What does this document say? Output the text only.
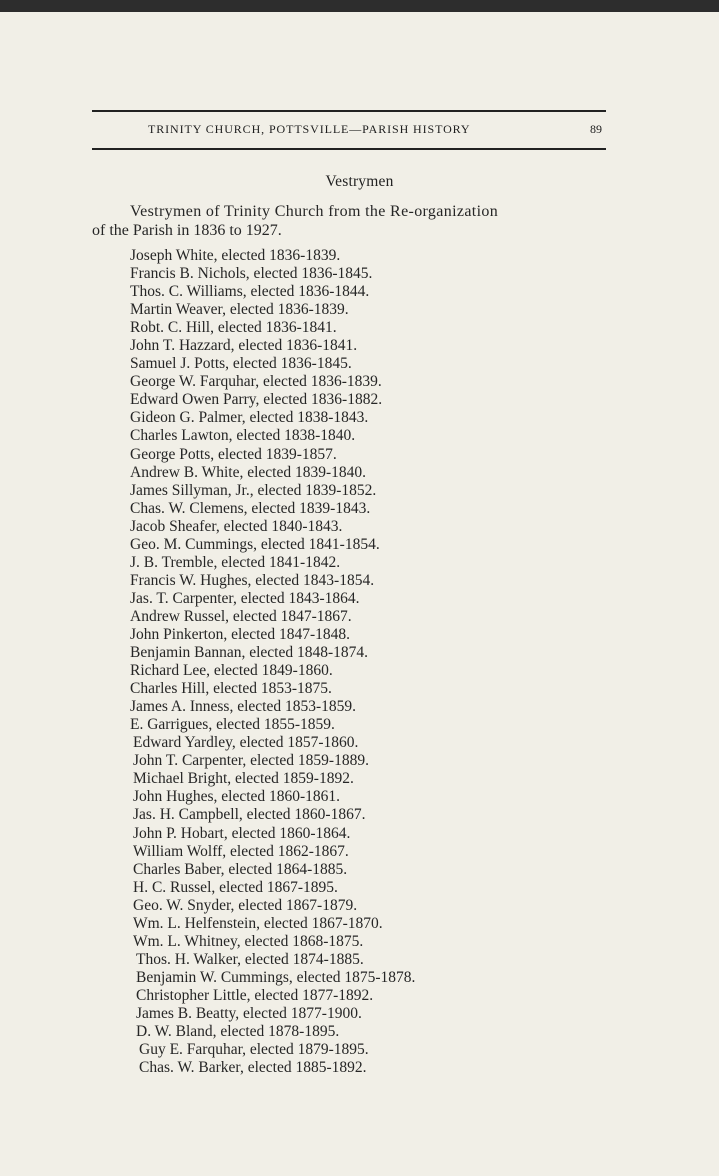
TRINITY CHURCH, POTTSVILLE—PARISH HISTORY	89
Vestrymen
Vestrymen of Trinity Church from the Re-organization
of the Parish in 1836 to 1927.
Joseph White, elected 1836-1839.
Francis B. Nichols, elected 1836-1845.
Thos. C. Williams, elected 1836-1844.
Martin Weaver, elected 1836-1839.
Robt. C. Hill, elected 1836-1841.
John T. Hazzard, elected 1836-1841.
Samuel J. Potts, elected 1836-1845.
George W. Farquhar, elected 1836-1839.
Edward Owen Parry, elected 1836-1882.
Gideon G. Palmer, elected 1838-1843.
Charles Lawton, elected 1838-1840.
George Potts, elected 1839-1857.
Andrew B. White, elected 1839-1840.
James Sillyman, Jr., elected 1839-1852.
Chas. W. Clemens, elected 1839-1843.
Jacob Sheafer, elected 1840-1843.
Geo. M. Cummings, elected 1841-1854.
J. B. Tremble, elected 1841-1842.
Francis W. Hughes, elected 1843-1854.
Jas. T. Carpenter, elected 1843-1864.
Andrew Russel, elected 1847-1867.
John Pinkerton, elected 1847-1848.
Benjamin Bannan, elected 1848-1874.
Richard Lee, elected 1849-1860.
Charles Hill, elected 1853-1875.
James A. Inness, elected 1853-1859.
E. Garrigues, elected 1855-1859.
Edward Yardley, elected 1857-1860.
John T. Carpenter, elected 1859-1889.
Michael Bright, elected 1859-1892.
John Hughes, elected 1860-1861.
Jas. H. Campbell, elected 1860-1867.
John P. Hobart, elected 1860-1864.
William Wolff, elected 1862-1867.
Charles Baber, elected 1864-1885.
H. C. Russel, elected 1867-1895.
Geo. W. Snyder, elected 1867-1879.
Wm. L. Helfenstein, elected 1867-1870.
Wm. L. Whitney, elected 1868-1875.
Thos. H. Walker, elected 1874-1885.
Benjamin W. Cummings, elected 1875-1878.
Christopher Little, elected 1877-1892.
James B. Beatty, elected 1877-1900.
D. W. Bland, elected 1878-1895.
Guy E. Farquhar, elected 1879-1895.
Chas. W. Barker, elected 1885-1892.
